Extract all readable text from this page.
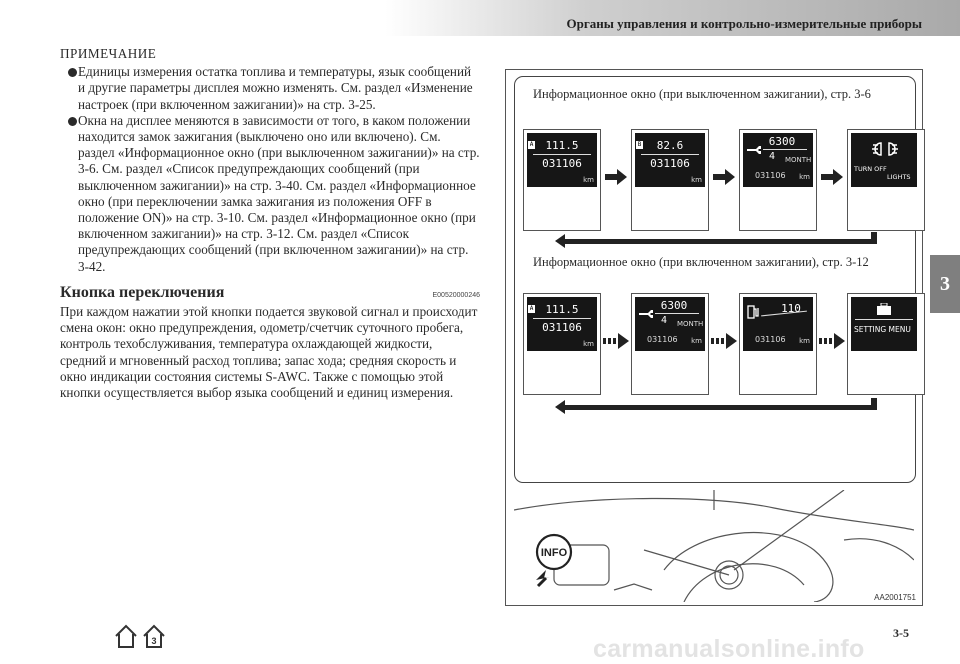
Органы управления и контрольно-измерительные приборы
3

ПРИМЕЧАНИЕ

Единицы измерения остатка топлива и температуры, язык сообщений и другие параметры дисплея можно изменять. См. раздел «Изменение настроек (при включенном зажигании)» на стр. 3-25.

Окна на дисплее меняются в зависимости от того, в каком положении находится замок зажигания (выключено оно или включено). См. раздел «Информационное окно (при выключенном зажигании)» на стр. 3-6. См. раздел «Список предупреждающих сообщений (при выключенном зажигании)» на стр. 3-40. См. раздел «Информационное окно (при переключении замка зажигания из положения OFF в положение ON)» на стр. 3-10. См. раздел «Информационное окно (при включенном зажигании)» на стр. 3-12. См. раздел «Список предупреждающих сообщений (при включенном зажигании)» на стр. 3-42.

Кнопка переключения	E00520000246

При каждом нажатии этой кнопки подается звуковой сигнал и происходит смена окон: окно предупреждения, одометр/счетчик суточного пробега, контроль техобслуживания, температура охлаждающей жидкости, средний и мгновенный расход топлива; запас хода; средняя скорость и окно индикации состояния системы S-AWC. Также с помощью этой кнопки осуществляется выбор языка сообщений и единиц измерения.

Информационное окно (при выключенном зажигании), стр. 3-6
A	111.5
031106
km
B	82.6
031106
km
6300
4	MONTH
031106 km
TURN OFF
LIGHTS
Информационное окно (при включенном зажигании), стр. 3-12
A	111.5
031106
km
6300
4	MONTH
031106 km
110
031106 km
SETTING MENU
INFO
AA2001751
3
3-5
carmanualsonline.info
